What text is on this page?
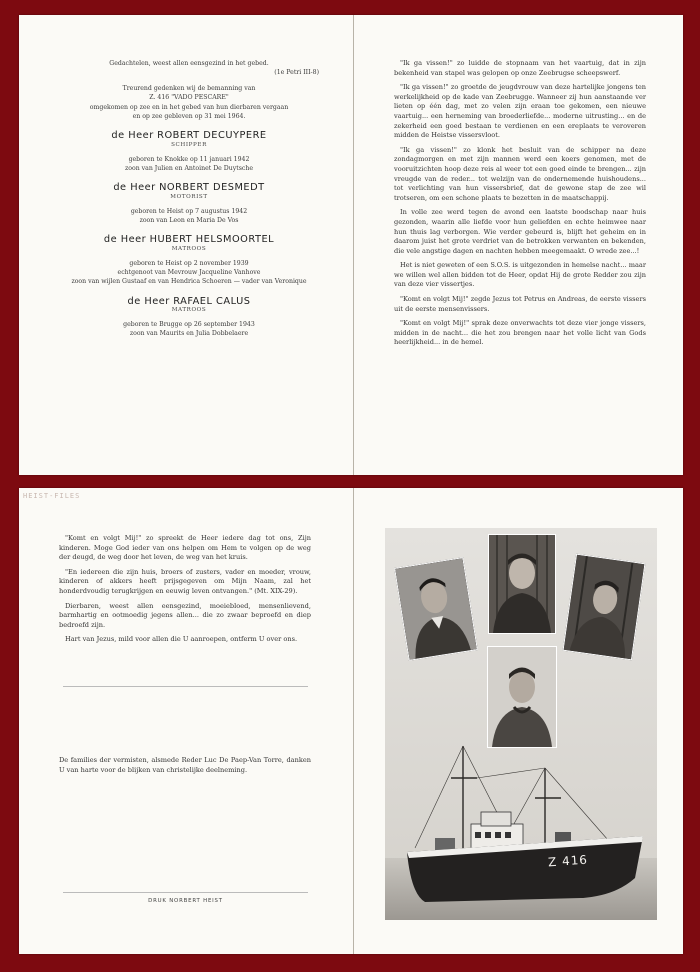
Gedachtelen, weest allen eensgezind in het gebed.
(1e Petri III-8)
Treurend gedenken wij de bemanning van
Z. 416 "VADO PESCARE"
omgekomen op zee en in het gebed van hun dierbaren vergaan
en op zee gebleven op 31 mei 1964.
de Heer ROBERT DECUYPERE
SCHIPPER
geboren te Knokke op 11 januari 1942
zoon van Julien en Antoinet De Duytsche
de Heer NORBERT DESMEDT
MOTORIST
geboren te Heist op 7 augustus 1942
zoon van Leon en Maria De Vos
de Heer HUBERT HELSMOORTEL
MATROOS
geboren te Heist op 2 november 1939
echtgenoot van Mevrouw Jacqueline Vanhove
zoon van wijlen Gustaaf en van Hendrica Schoeren — vader van Veronique
de Heer RAFAEL CALUS
MATROOS
geboren te Brugge op 26 september 1943
zoon van Maurits en Julia Dobbelaere

"Ik ga vissen!" zo luidde de stopnaam van het vaartuig, dat in zijn bekenheid van stapel was gelopen op onze Zeebrugse scheepswerf.

"Ik ga vissen!" zo groetde de jeugdvrouw van deze hartelijke jongens ten werkelijkheid op de kade van Zeebrugge. Wanneer zij hun aanstaande ver lieten op één dag, met zo velen zijn eraan toe gekomen, een nieuwe vaartuig... een herneming van broederliefde... moderne uitrusting... en de zekerheid een goed bestaan te verdienen en een ereplaats te veroveren midden de Heistse vissersvloot.

"Ik ga vissen!" zo klonk het besluit van de schipper na deze zondagmorgen en met zijn mannen werd een koers genomen, met de vooruitzichten hoop deze reis al weer tot een goed einde te brengen... zijn vreugde van de reder... tot welzijn van de ondernemende huishoudens... tot verlichting van hun vissersbrief, dat de gewone stap de zee wil trotseren, om een schone plaats te bezetten in de maatschappij.

In volle zee werd tegen de avond een laatste boodschap naar huis gezonden, waarin alle liefde voor hun geliefden en echte heimwee naar hun thuis lag verborgen. Wie verder gebeurd is, blijft het geheim en in daarom juist het grote verdriet van de betrokken verwanten en bekenden, die vele angstige dagen en nachten hebben meegemaakt. O wrede zee...!

Het is niet geweten of een S.O.S. is uitgezonden in hemelse nacht... maar we willen wel allen bidden tot de Heer, opdat Hij de grote Redder zou zijn van deze vier vissertjes.

"Komt en volgt Mij!" zegde Jezus tot Petrus en Andreas, de eerste vissers uit de eerste mensenvissers.

"Komt en volgt Mij!" sprak deze onverwachts tot deze vier jonge vissers, midden in de nacht... die het zou brengen naar het volle licht van Gods heerlijkheid... in de hemel.

HEIST-FILES

"Komt en volgt Mij!" zo spreekt de Heer iedere dag tot ons, Zijn kinderen. Moge God ieder van ons helpen om Hem te volgen op de weg der deugd, de weg door het leven, de weg van het kruis.

"En iedereen die zijn huis, broers of zusters, vader en moeder, vrouw, kinderen of akkers heeft prijsgegeven om Mijn Naam, zal het honderdvoudig terugkrijgen en eeuwig leven ontvangen." (Mt. XIX-29).

Dierbaren, weest allen eensgezind, moeiebloed, mensenlievend, barmhartig en ootmoedig jegens allen... die zo zwaar beproefd en diep bedroefd zijn.

Hart van Jezus, mild voor allen die U aanroepen, ontferm U over ons.

De families der vermisten, alsmede Reder Luc De Paep-Van Torre, danken U van harte voor de blijken van christelijke deelneming.

DRUK NORBERT HEIST
Z 416
